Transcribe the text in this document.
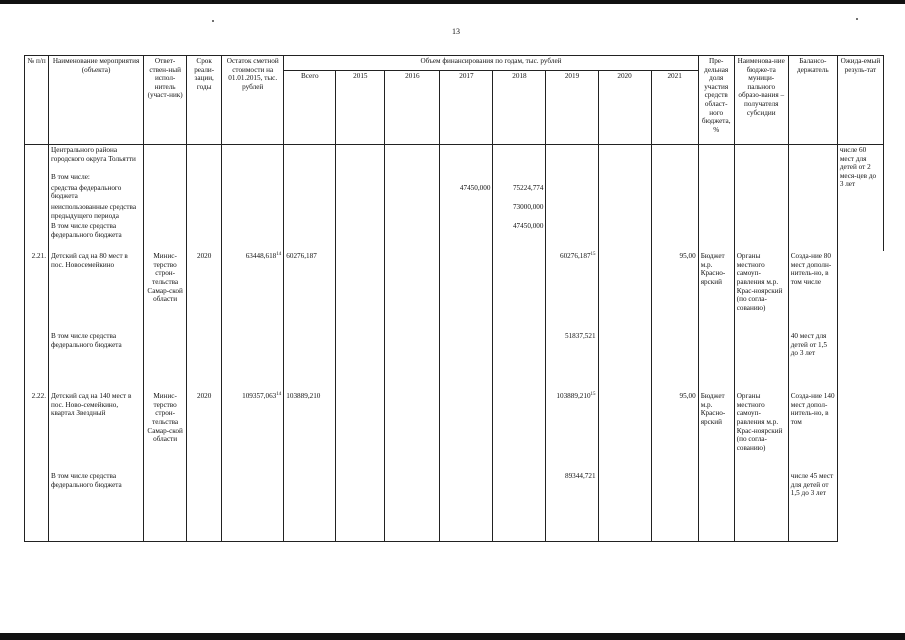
13
№ п/п	Наименование мероприятия (объекта)	Ответ-ствен-ный испол-нитель (участ-ник)	Срок реали-зации, годы	Остаток сметной стоимости на 01.01.2015, тыс. рублей	Объем финансирования по годам, тыс. рублей								Пре-дельная доля участия средств област-ного бюджета, %	Наименова-ние бюдже-та муници-пального образо-вания – получателя субсидии	Балансо-держатель	Ожида-емый резуль-тат
					Всего	2015	2016	2017	2018	2019	2020	2021				
	Центрального района городского округа Тольятти															числе 60 мест для детей от 2 меся-цев до 3 лет
	В том числе:															
	средства федерального бюджета							47450,000	75224,774							
	неиспользованные средства предыдущего периода								73000,000							
	В том числе средства федерального бюджета								47450,000							
2.21.	Детский сад на 80 мест в пос. Новосемейкино	Минис-терство строн-тельства Самар-ской области	2020	63448,618$^{14}$	60276,187					60276,187$^{15}$		95,00	Бюджет м.р. Красно-ярский	Органы местного самоуп-равления м.р. Крас-ноярский (по согла-сованию)	Созда-ние 80 мест дополн-нитель-но, в том числе	
	В том числе средства федерального бюджета									51837,521					40 мест для детей от 1,5 до 3 лет	
2.22.	Детский сад на 140 мест в пос. Ново-семейкино, квартал Звездный	Минис-терство строн-тельства Самар-ской области	2020	109357,063$^{14}$	103889,210					103889,210$^{15}$		95,00	Бюджет м.р. Красно-ярский	Органы местного самоуп-равления м.р. Крас-ноярский (по согла-сованию)	Созда-ние 140 мест допол-нитель-но, в том	
	В том числе средства федерального бюджета									89344,721					числе 45 мест для детей от 1,5 до 3 лет	
